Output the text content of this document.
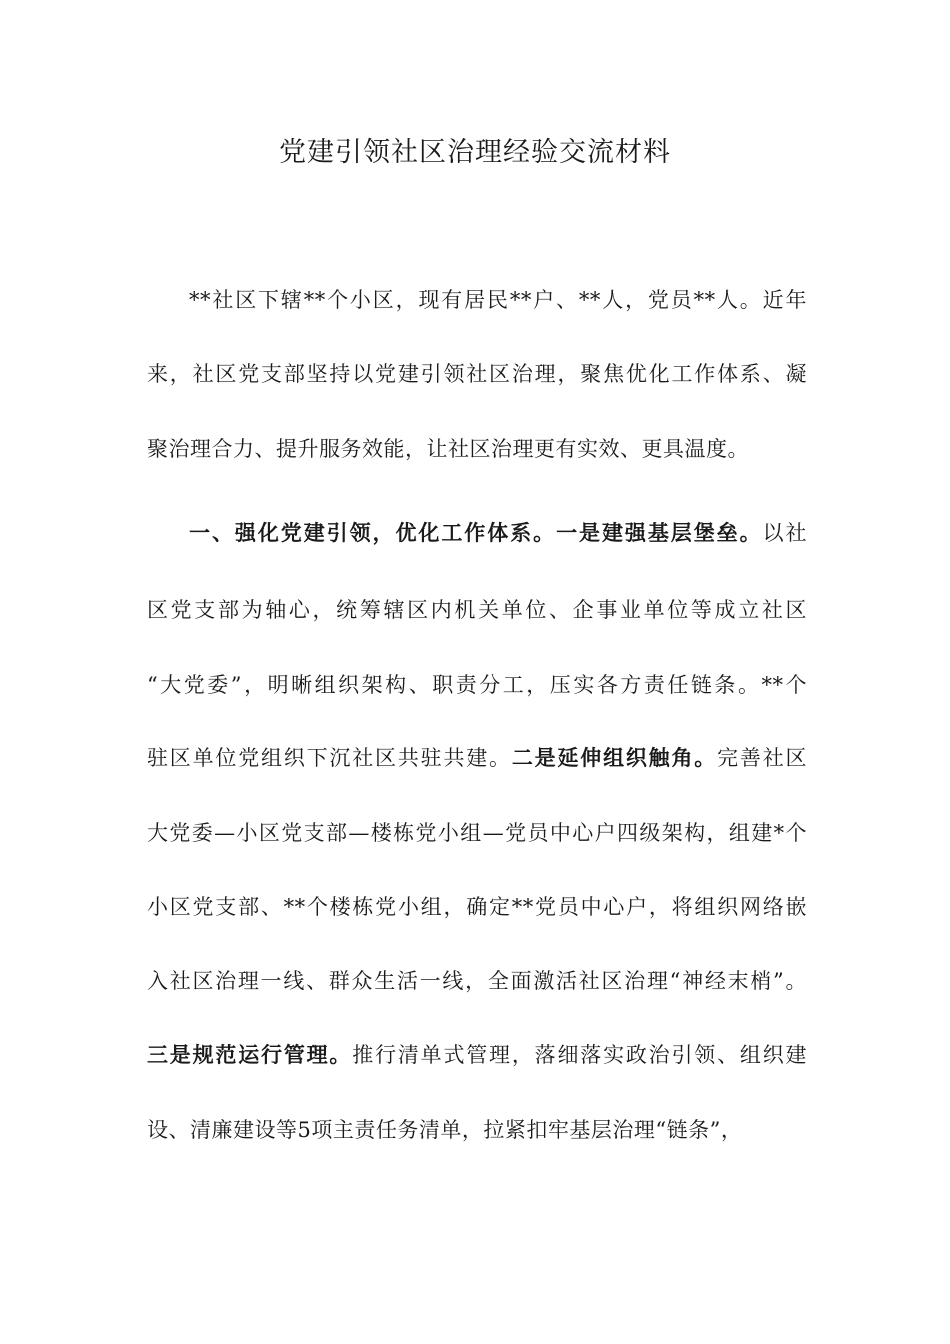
党建引领社区治理经验交流材料
**社区下辖**个小区，现有居民**户、**人，党员**人。近年
来，社区党支部坚持以党建引领社区治理，聚焦优化工作体系、凝
聚治理合力、提升服务效能，让社区治理更有实效、更具温度。
一、强化党建引领，优化工作体系。一是建强基层堡垒。以社
区党支部为轴心，统筹辖区内机关单位、企事业单位等成立社区
“大党委”，明晰组织架构、职责分工，压实各方责任链条。**个
驻区单位党组织下沉社区共驻共建。二是延伸组织触角。完善社区
大党委—小区党支部—楼栋党小组—党员中心户四级架构，组建*个
小区党支部、**个楼栋党小组，确定**党员中心户，将组织网络嵌
入社区治理一线、群众生活一线，全面激活社区治理“神经末梢”。
三是规范运行管理。推行清单式管理，落细落实政治引领、组织建
设、清廉建设等5项主责任务清单，拉紧扣牢基层治理“链条”，
